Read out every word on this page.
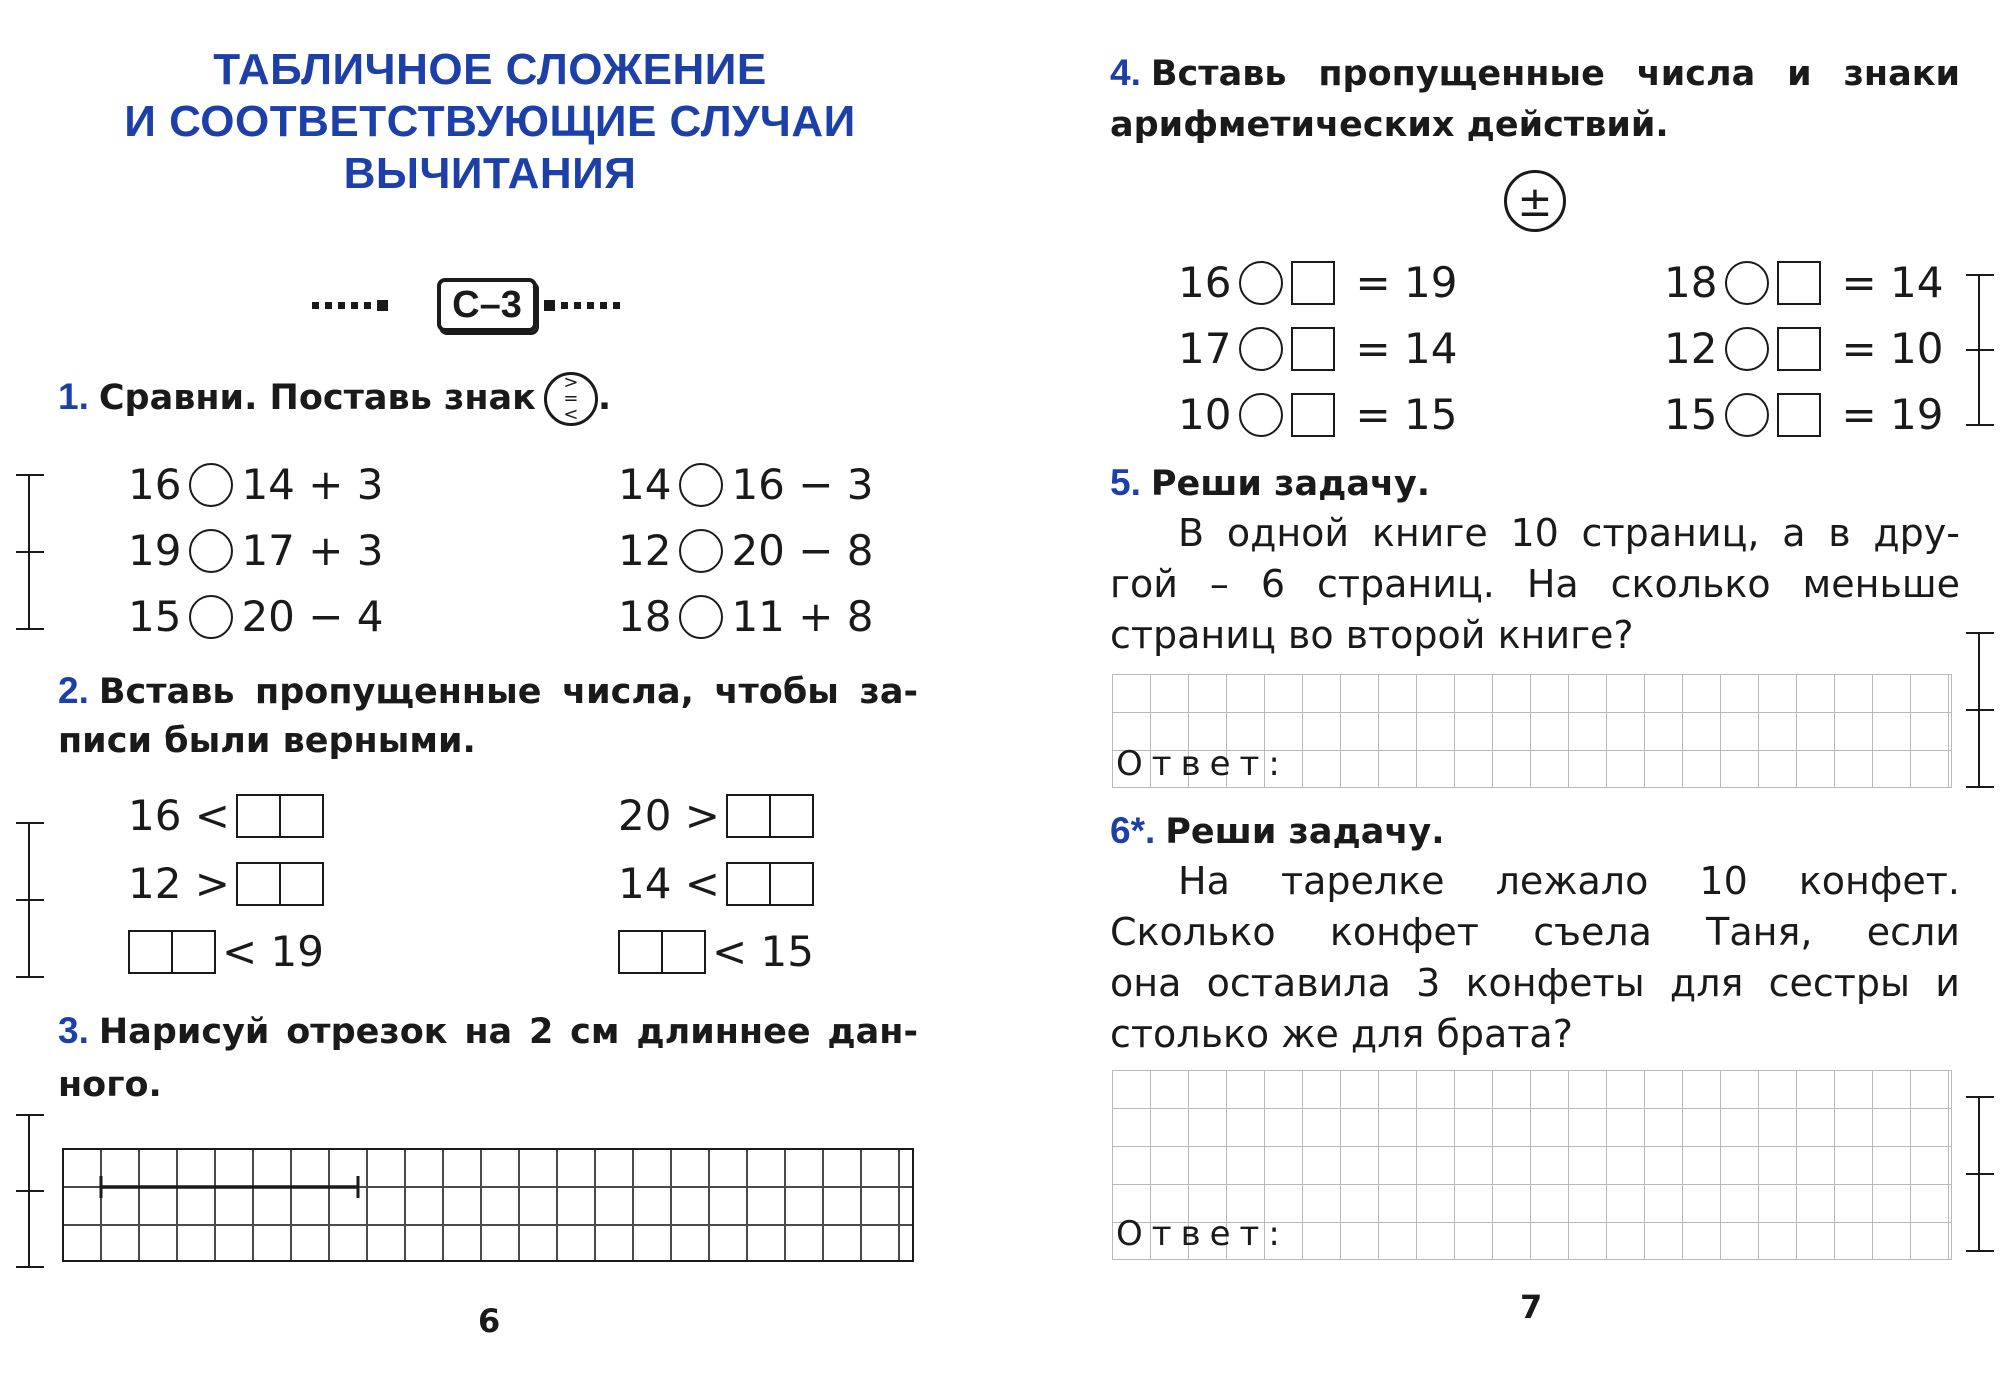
ТАБЛИЧНОЕ СЛОЖЕНИЕ
И СООТВЕТСТВУЮЩИЕ СЛУЧАИ
ВЫЧИТАНИЯ
С–3
1. Сравни. Поставь знак >
=
< .
16 14 + 3
19 17 + 3
15 20 − 4
14 16 − 3
12 20 − 8
18 11 + 8
2. Вставь пропущенные числа, чтобы за-
писи были верными.
16 <
12 >
< 19
20 >
14 <
< 15
3. Нарисуй отрезок на 2 см длиннее дан-
ного.
6
4. Вставь пропущенные числа и знаки
арифметических действий.
±
16	= 19
17	= 14
10	= 15
18	= 14
12	= 10
15	= 19
5. Реши задачу.
В одной книге 10 страниц, а в дру-
гой – 6 страниц. На сколько меньше
страниц во второй книге?
Ответ:
6*. Реши задачу.
На тарелке лежало 10 конфет.
Сколько конфет съела Таня, если
она оставила 3 конфеты для сестры и
столько же для брата?
Ответ:
7
